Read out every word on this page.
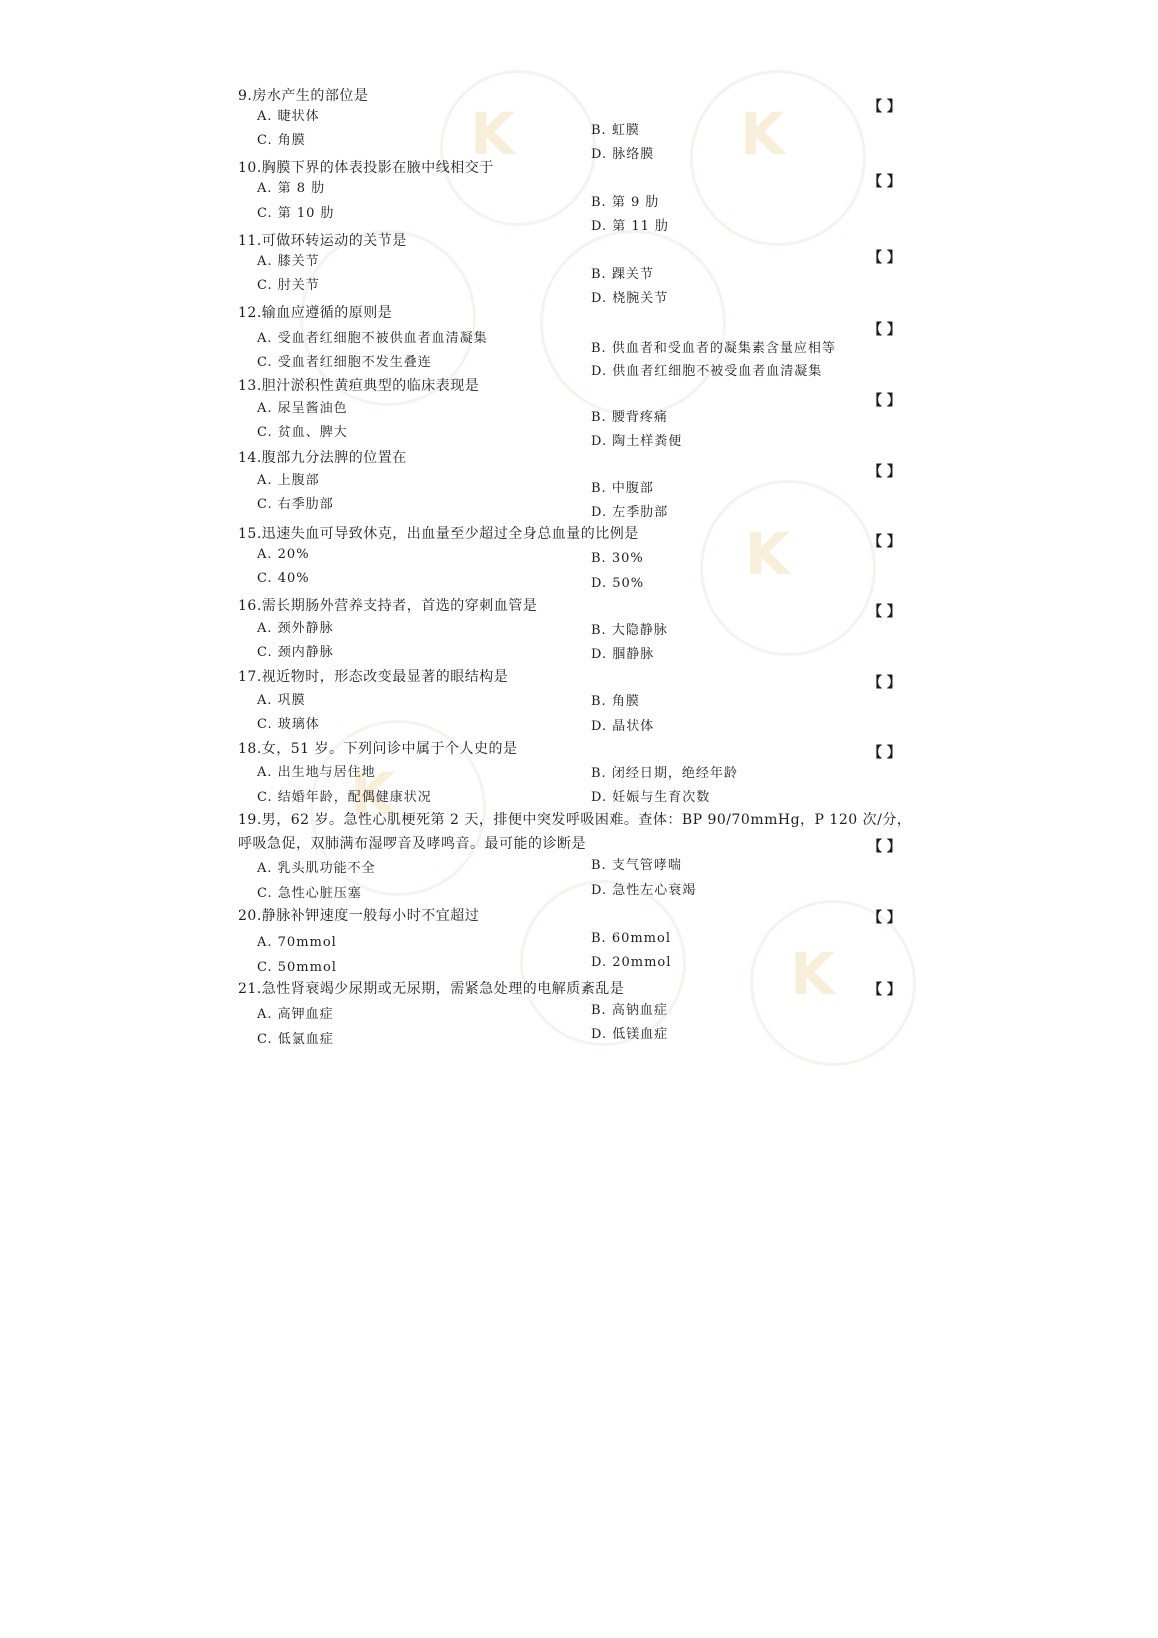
K	K
K
K
K
9.房水产生的部位是
【 】
A. 睫状体
C. 角膜
B. 虹膜
D. 脉络膜
10.胸膜下界的体表投影在腋中线相交于
【 】
A. 第 8 肋
C. 第 10 肋
B. 第 9 肋
D. 第 11 肋
11.可做环转运动的关节是
【 】
A. 膝关节
C. 肘关节
B. 踝关节
D. 桡腕关节
12.输血应遵循的原则是
【 】
A. 受血者红细胞不被供血者血清凝集
C. 受血者红细胞不发生叠连
B. 供血者和受血者的凝集素含量应相等
D. 供血者红细胞不被受血者血清凝集
13.胆汁淤积性黄疸典型的临床表现是
【 】
A. 尿呈酱油色
C. 贫血、脾大
B. 腰背疼痛
D. 陶土样粪便
14.腹部九分法脾的位置在
【 】
A. 上腹部
C. 右季肋部
B. 中腹部
D. 左季肋部
15.迅速失血可导致休克，出血量至少超过全身总血量的比例是	【 】
A. 20%
C. 40%
B. 30%
D. 50%
16.需长期肠外营养支持者，首选的穿刺血管是	【 】
A. 颈外静脉
C. 颈内静脉
B. 大隐静脉
D. 腘静脉
17.视近物时，形态改变最显著的眼结构是	【 】
A. 巩膜
C. 玻璃体
B. 角膜
D. 晶状体
18.女，51 岁。下列问诊中属于个人史的是	【 】
A. 出生地与居住地
C. 结婚年龄，配偶健康状况
B. 闭经日期，绝经年龄
D. 妊娠与生育次数
19.男，62 岁。急性心肌梗死第 2 天，排便中突发呼吸困难。查体：BP 90/70mmHg，P 120 次/分，
呼吸急促，双肺满布湿啰音及哮鸣音。最可能的诊断是	【 】
A. 乳头肌功能不全
C. 急性心脏压塞
B. 支气管哮喘
D. 急性左心衰竭
20.静脉补钾速度一般每小时不宜超过	【 】
A. 70mmol
C. 50mmol
B. 60mmol
D. 20mmol
21.急性肾衰竭少尿期或无尿期，需紧急处理的电解质紊乱是	【 】
A. 高钾血症
C. 低氯血症
B. 高钠血症
D. 低镁血症
